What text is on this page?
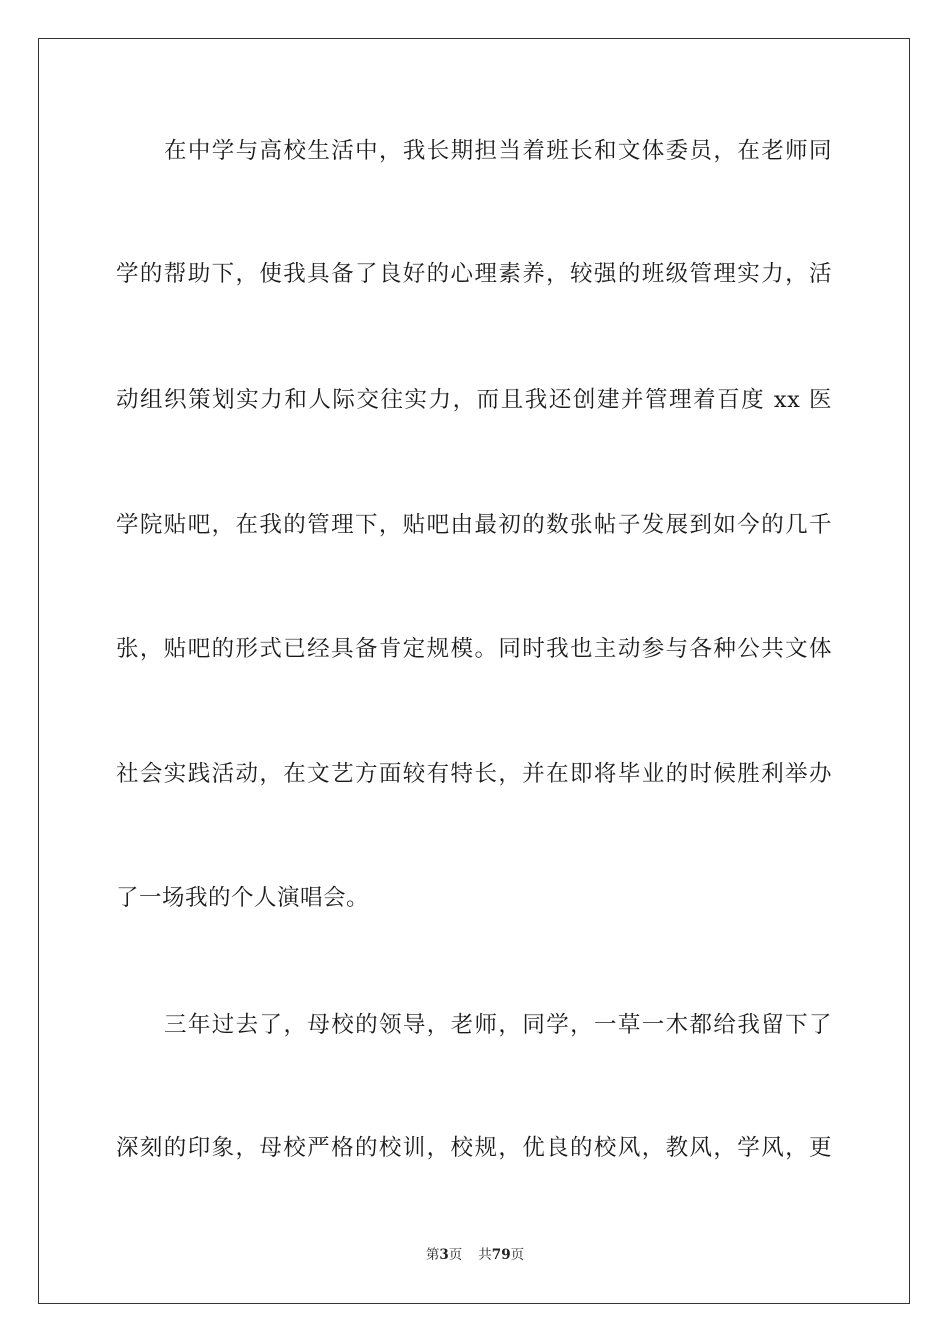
在中学与高校生活中，我长期担当着班长和文体委员，在老师同
学的帮助下，使我具备了良好的心理素养，较强的班级管理实力，活
动组织策划实力和人际交往实力，而且我还创建并管理着百度 xx 医
学院贴吧，在我的管理下，贴吧由最初的数张帖子发展到如今的几千
张，贴吧的形式已经具备肯定规模。同时我也主动参与各种公共文体
社会实践活动，在文艺方面较有特长，并在即将毕业的时候胜利举办
了一场我的个人演唱会。
三年过去了，母校的领导，老师，同学，一草一木都给我留下了
深刻的印象，母校严格的校训，校规，优良的校风，教风，学风，更
第3页 共79页
